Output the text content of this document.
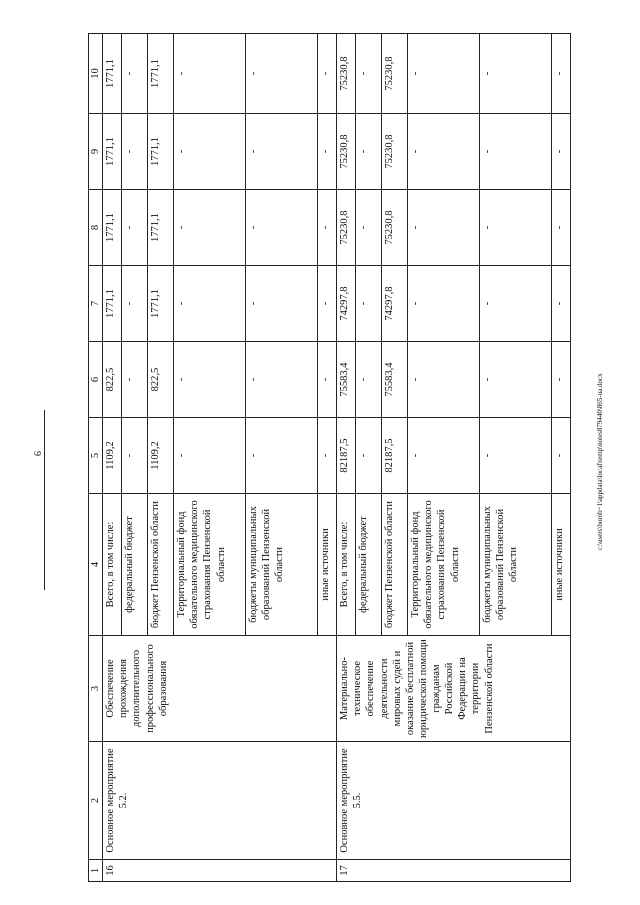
9	c:\users\borob~1\appdata\local\temp\notes879440\865-ua.docx
1	2	3	4	5	6	7	8	9	10
16	Основное мероприятие 5.2.	Обеспечение прохождения дополнительного профессионального образования	Всего, в том числе:	1109,2	822,5	1771,1	1771,1	1771,1	1771,1
			федеральный бюджет	-	-	-	-	-	-
			бюджет Пензенской области	1109,2	822,5	1771,1	1771,1	1771,1	1771,1
			Территориальный фонд обязательного медицинского страхования Пензенской области	-	-	-	-	-	-
			бюджеты муниципальных образований Пензенской области	-	-	-	-	-	-
			иные источники	-	-	-	-	-	-
17	Основное мероприятие 5.5.	Материально-техническое обеспечение деятельности мировых судей и оказание бесплатной юридической помощи гражданам Российской Федерации на территории Пензенской области	Всего, в том числе:	82187,5	75583,4	74297,8	75230,8	75230,8	75230,8
			федеральный бюджет	-	-	-	-	-	-
			бюджет Пензенской области	82187,5	75583,4	74297,8	75230,8	75230,8	75230,8
			Территориальный фонд обязательного медицинского страхования Пензенской области	-	-	-	-	-	-
			бюджеты муниципальных образований Пензенской области	-	-	-	-	-	-
			иные источники	-	-	-	-	-	-
